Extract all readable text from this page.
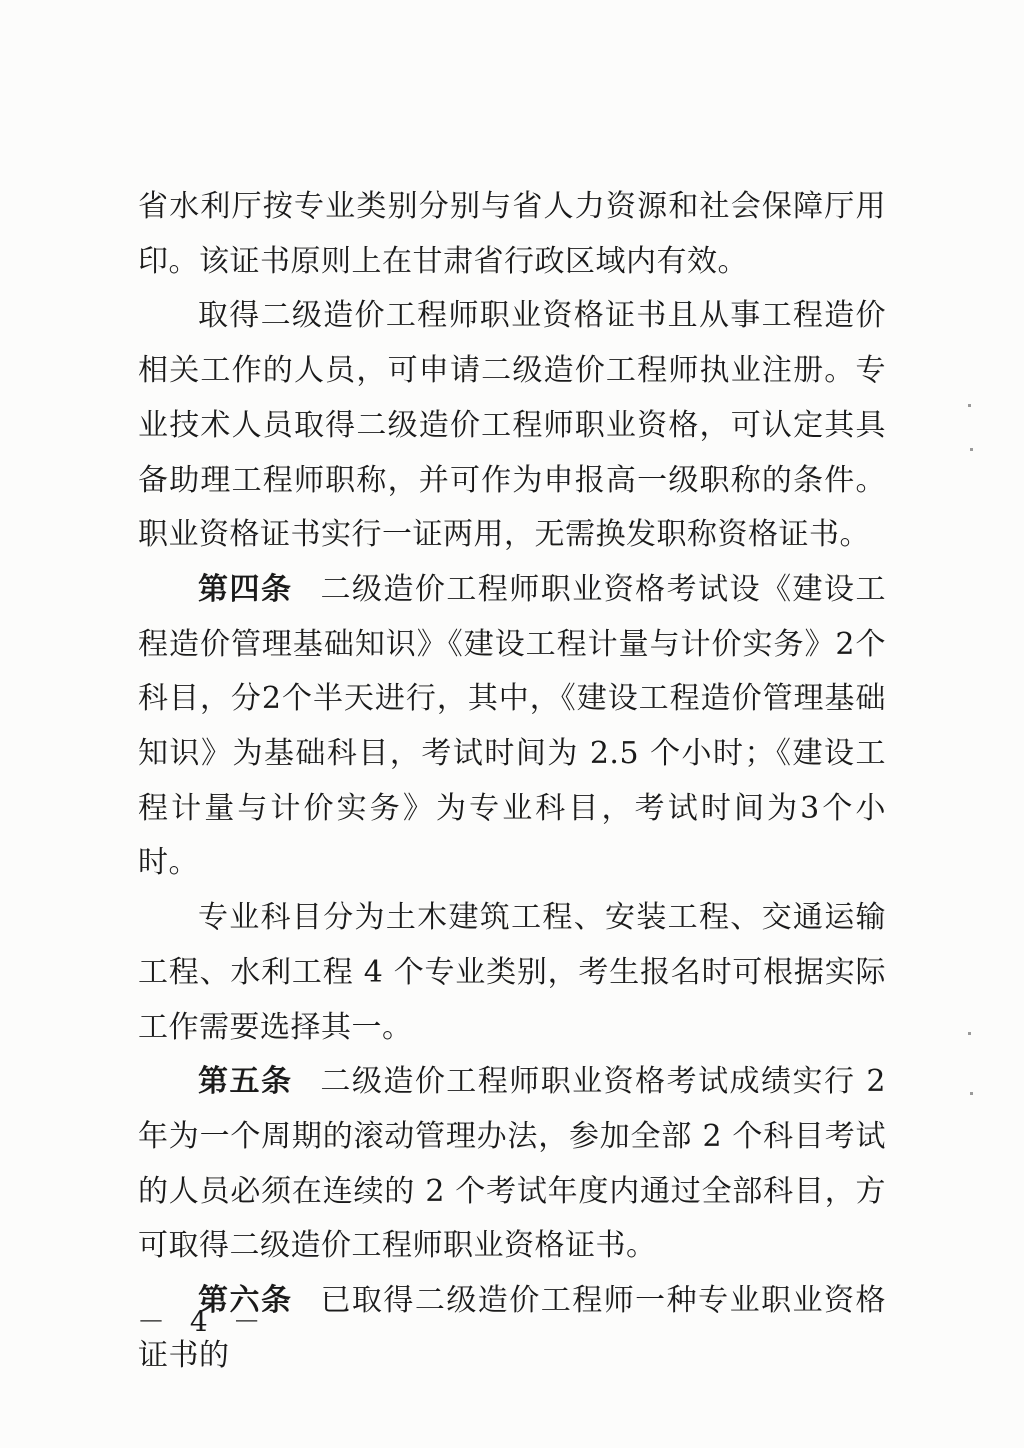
省水利厅按专业类别分别与省人力资源和社会保障厅用印。该证书原则上在甘肃省行政区域内有效。

取得二级造价工程师职业资格证书且从事工程造价相关工作的人员，可申请二级造价工程师执业注册。专业技术人员取得二级造价工程师职业资格，可认定其具备助理工程师职称，并可作为申报高一级职称的条件。职业资格证书实行一证两用，无需换发职称资格证书。

第四条 二级造价工程师职业资格考试设《建设工程造价管理基础知识》《建设工程计量与计价实务》2个科目，分2个半天进行，其中，《建设工程造价管理基础知识》为基础科目，考试时间为 2.5 个小时；《建设工程计量与计价实务》为专业科目，考试时间为3个小时。

专业科目分为土木建筑工程、安装工程、交通运输工程、水利工程 4 个专业类别，考生报名时可根据实际工作需要选择其一。

第五条 二级造价工程师职业资格考试成绩实行 2 年为一个周期的滚动管理办法，参加全部 2 个科目考试的人员必须在连续的 2 个考试年度内通过全部科目，方可取得二级造价工程师职业资格证书。

第六条 已取得二级造价工程师一种专业职业资格证书的

－ 4 －
